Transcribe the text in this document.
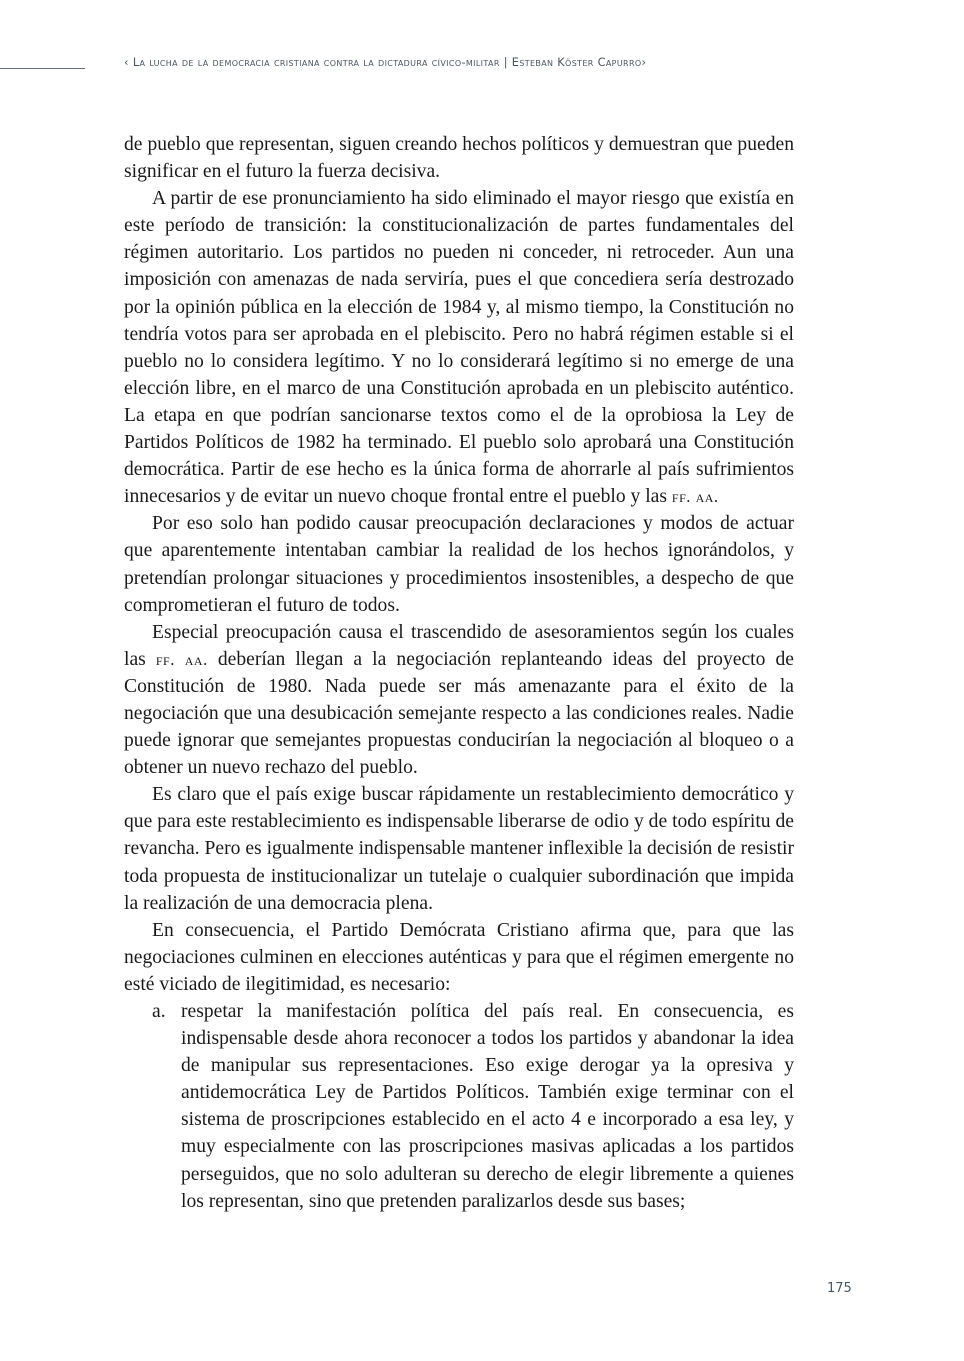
‹ La lucha de la democracia cristiana contra la dictadura cívico-militar | Esteban Köster Capurro›

de pueblo que representan, siguen creando hechos políticos y demuestran que pueden significar en el futuro la fuerza decisiva.

A partir de ese pronunciamiento ha sido eliminado el mayor riesgo que existía en este período de transición: la constitucionalización de partes fundamentales del régimen autoritario. Los partidos no pueden ni conceder, ni retroceder. Aun una imposición con amenazas de nada serviría, pues el que concediera sería destrozado por la opinión pública en la elección de 1984 y, al mismo tiempo, la Constitución no tendría votos para ser aprobada en el plebiscito. Pero no habrá régimen estable si el pueblo no lo considera legítimo. Y no lo considerará legítimo si no emerge de una elección libre, en el marco de una Constitución aprobada en un plebiscito auténtico. La etapa en que podrían sancionarse textos como el de la oprobiosa la Ley de Partidos Políticos de 1982 ha terminado. El pueblo solo aprobará una Constitución democrática. Partir de ese hecho es la única forma de ahorrarle al país sufrimientos innecesarios y de evitar un nuevo choque frontal entre el pueblo y las ff. aa.

Por eso solo han podido causar preocupación declaraciones y modos de actuar que aparentemente intentaban cambiar la realidad de los hechos ignorándolos, y pretendían prolongar situaciones y procedimientos insostenibles, a despecho de que comprometieran el futuro de todos.

Especial preocupación causa el trascendido de asesoramientos según los cuales las ff. aa. deberían llegan a la negociación replanteando ideas del proyecto de Constitución de 1980. Nada puede ser más amenazante para el éxito de la negociación que una desubicación semejante respecto a las condiciones reales. Nadie puede ignorar que semejantes propuestas conducirían la negociación al bloqueo o a obtener un nuevo rechazo del pueblo.

Es claro que el país exige buscar rápidamente un restablecimiento democrático y que para este restablecimiento es indispensable liberarse de odio y de todo espíritu de revancha. Pero es igualmente indispensable mantener inflexible la decisión de resistir toda propuesta de institucionalizar un tutelaje o cualquier subordinación que impida la realización de una democracia plena.

En consecuencia, el Partido Demócrata Cristiano afirma que, para que las negociaciones culminen en elecciones auténticas y para que el régimen emergente no esté viciado de ilegitimidad, es necesario:

a. respetar la manifestación política del país real. En consecuencia, es indispensable desde ahora reconocer a todos los partidos y abandonar la idea de manipular sus representaciones. Eso exige derogar ya la opresiva y antidemocrática Ley de Partidos Políticos. También exige terminar con el sistema de proscripciones establecido en el acto 4 e incorporado a esa ley, y muy especialmente con las proscripciones masivas aplicadas a los partidos perseguidos, que no solo adulteran su derecho de elegir libremente a quienes los representan, sino que pretenden paralizarlos desde sus bases;
175
